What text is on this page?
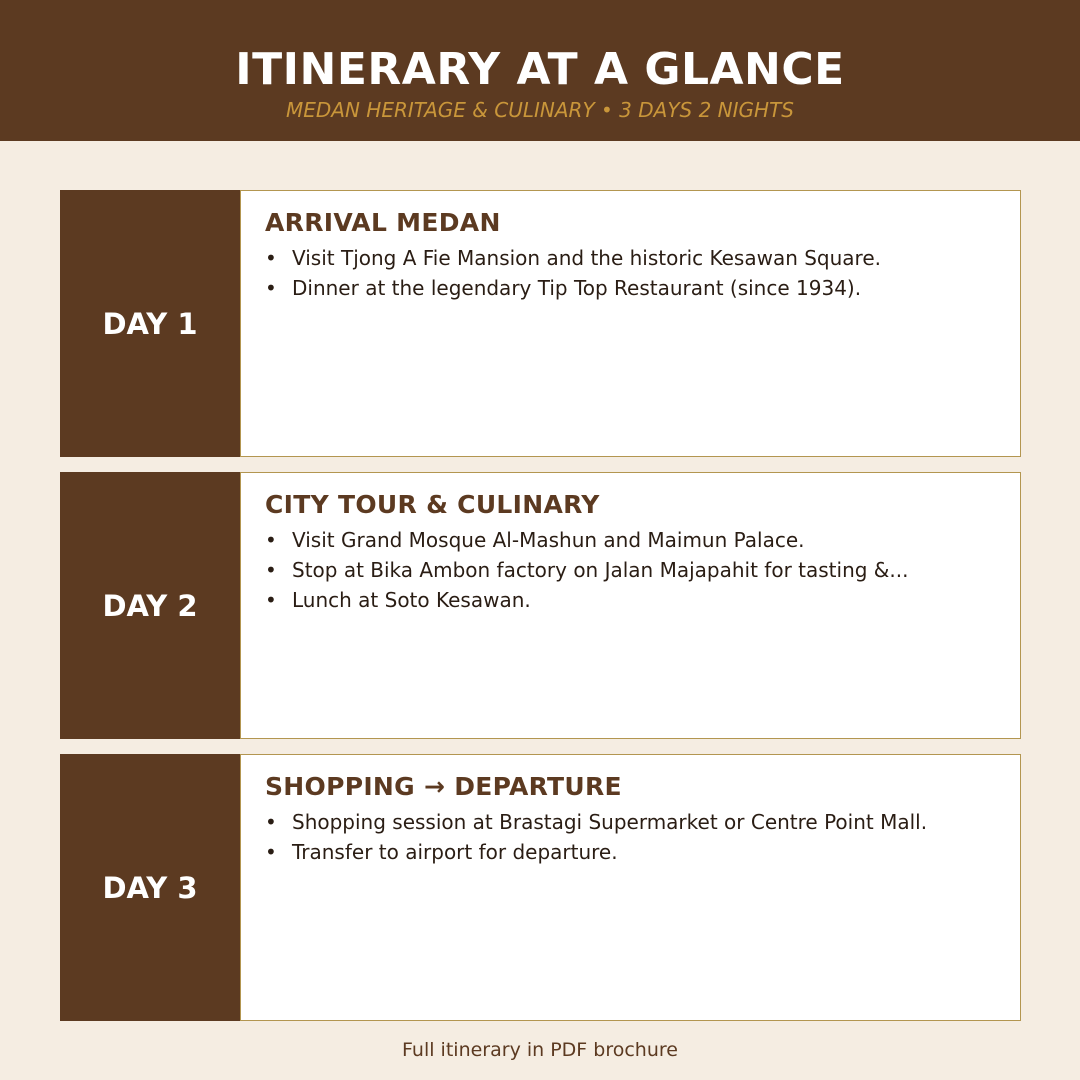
ITINERARY AT A GLANCE
MEDAN HERITAGE & CULINARY • 3 DAYS 2 NIGHTS
DAY 1
ARRIVAL MEDAN
• Visit Tjong A Fie Mansion and the historic Kesawan Square.
• Dinner at the legendary Tip Top Restaurant (since 1934).
DAY 2
CITY TOUR & CULINARY
• Visit Grand Mosque Al-Mashun and Maimun Palace.
• Stop at Bika Ambon factory on Jalan Majapahit for tasting &...
• Lunch at Soto Kesawan.
DAY 3
SHOPPING → DEPARTURE
• Shopping session at Brastagi Supermarket or Centre Point Mall.
• Transfer to airport for departure.
Full itinerary in PDF brochure
